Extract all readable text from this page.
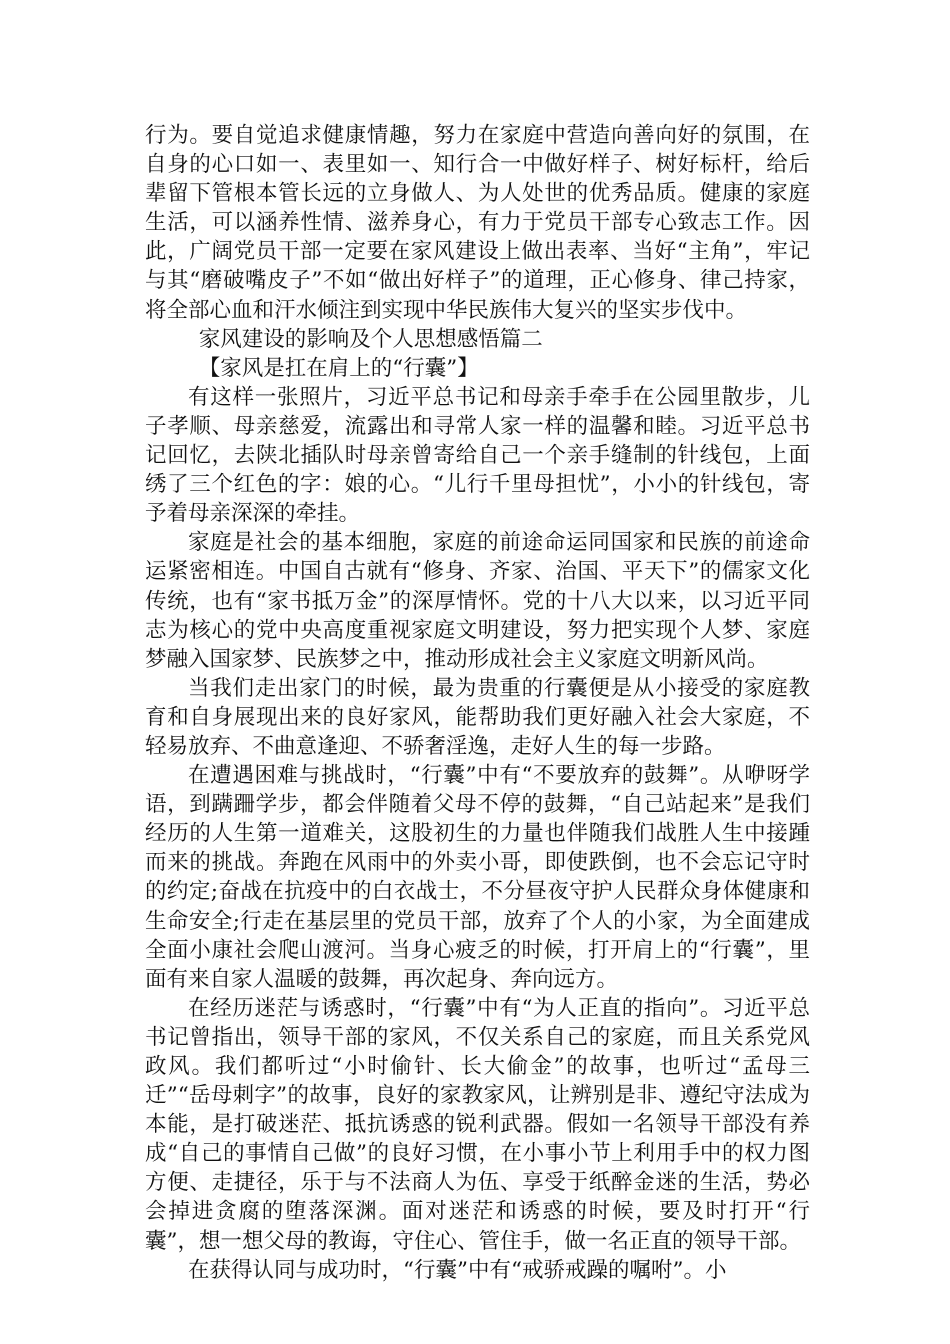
行为。要自觉追求健康情趣，努力在家庭中营造向善向好的氛围，在自身的心口如一、表里如一、知行合一中做好样子、树好标杆，给后辈留下管根本管长远的立身做人、为人处世的优秀品质。健康的家庭生活，可以涵养性情、滋养身心，有力于党员干部专心致志工作。因此，广阔党员干部一定要在家风建设上做出表率、当好“主角”，牢记与其“磨破嘴皮子”不如“做出好样子”的道理，正心修身、律己持家，将全部心血和汗水倾注到实现中华民族伟大复兴的坚实步伐中。

家风建设的影响及个人思想感悟篇二

【家风是扛在肩上的“行囊”】

有这样一张照片，习近平总书记和母亲手牵手在公园里散步，儿子孝顺、母亲慈爱，流露出和寻常人家一样的温馨和睦。习近平总书记回忆，去陕北插队时母亲曾寄给自己一个亲手缝制的针线包，上面绣了三个红色的字：娘的心。“儿行千里母担忧”，小小的针线包，寄予着母亲深深的牵挂。

家庭是社会的基本细胞，家庭的前途命运同国家和民族的前途命运紧密相连。中国自古就有“修身、齐家、治国、平天下”的儒家文化传统，也有“家书抵万金”的深厚情怀。党的十八大以来，以习近平同志为核心的党中央高度重视家庭文明建设，努力把实现个人梦、家庭梦融入国家梦、民族梦之中，推动形成社会主义家庭文明新风尚。

当我们走出家门的时候，最为贵重的行囊便是从小接受的家庭教育和自身展现出来的良好家风，能帮助我们更好融入社会大家庭，不轻易放弃、不曲意逢迎、不骄奢淫逸，走好人生的每一步路。

在遭遇困难与挑战时，“行囊”中有“不要放弃的鼓舞”。从咿呀学语，到蹒跚学步，都会伴随着父母不停的鼓舞，“自己站起来”是我们经历的人生第一道难关，这股初生的力量也伴随我们战胜人生中接踵而来的挑战。奔跑在风雨中的外卖小哥，即使跌倒，也不会忘记守时的约定;奋战在抗疫中的白衣战士，不分昼夜守护人民群众身体健康和生命安全;行走在基层里的党员干部，放弃了个人的小家，为全面建成全面小康社会爬山渡河。当身心疲乏的时候，打开肩上的“行囊”，里面有来自家人温暖的鼓舞，再次起身、奔向远方。

在经历迷茫与诱惑时，“行囊”中有“为人正直的指向”。习近平总书记曾指出，领导干部的家风，不仅关系自己的家庭，而且关系党风政风。我们都听过“小时偷针、长大偷金”的故事，也听过“孟母三迁”“岳母刺字”的故事，良好的家教家风，让辨别是非、遵纪守法成为本能，是打破迷茫、抵抗诱惑的锐利武器。假如一名领导干部没有养成“自己的事情自己做”的良好习惯，在小事小节上利用手中的权力图方便、走捷径，乐于与不法商人为伍、享受于纸醉金迷的生活，势必会掉进贪腐的堕落深渊。面对迷茫和诱惑的时候，要及时打开“行囊”，想一想父母的教诲，守住心、管住手，做一名正直的领导干部。

在获得认同与成功时，“行囊”中有“戒骄戒躁的嘱咐”。小
